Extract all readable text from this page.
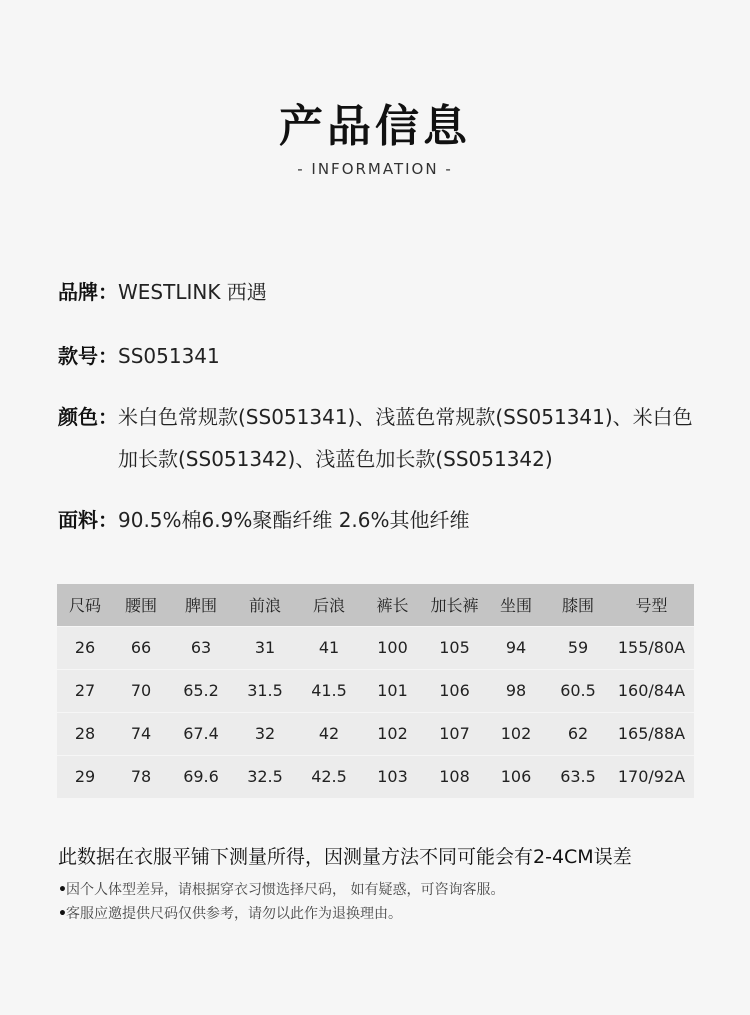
产品信息
- INFORMATION -
品牌： WESTLINK 西遇
款号： SS051341
颜色： 米白色常规款(SS051341)、浅蓝色常规款(SS051341)、米白色加长款(SS051342)、浅蓝色加长款(SS051342)
面料： 90.5%棉6.9%聚酯纤维 2.6%其他纤维
尺码	腰围	脾围	前浪	后浪	裤长	加长裤	坐围	膝围	号型
26	66	63	31	41	100	105	94	59	155/80A
27	70	65.2	31.5	41.5	101	106	98	60.5	160/84A
28	74	67.4	32	42	102	107	102	62	165/88A
29	78	69.6	32.5	42.5	103	108	106	63.5	170/92A
此数据在衣服平铺下测量所得，因测量方法不同可能会有2-4CM误差
• 因个人体型差异，请根据穿衣习惯选择尺码， 如有疑惑，可咨询客服。
• 客服应邀提供尺码仅供参考，请勿以此作为退换理由。
